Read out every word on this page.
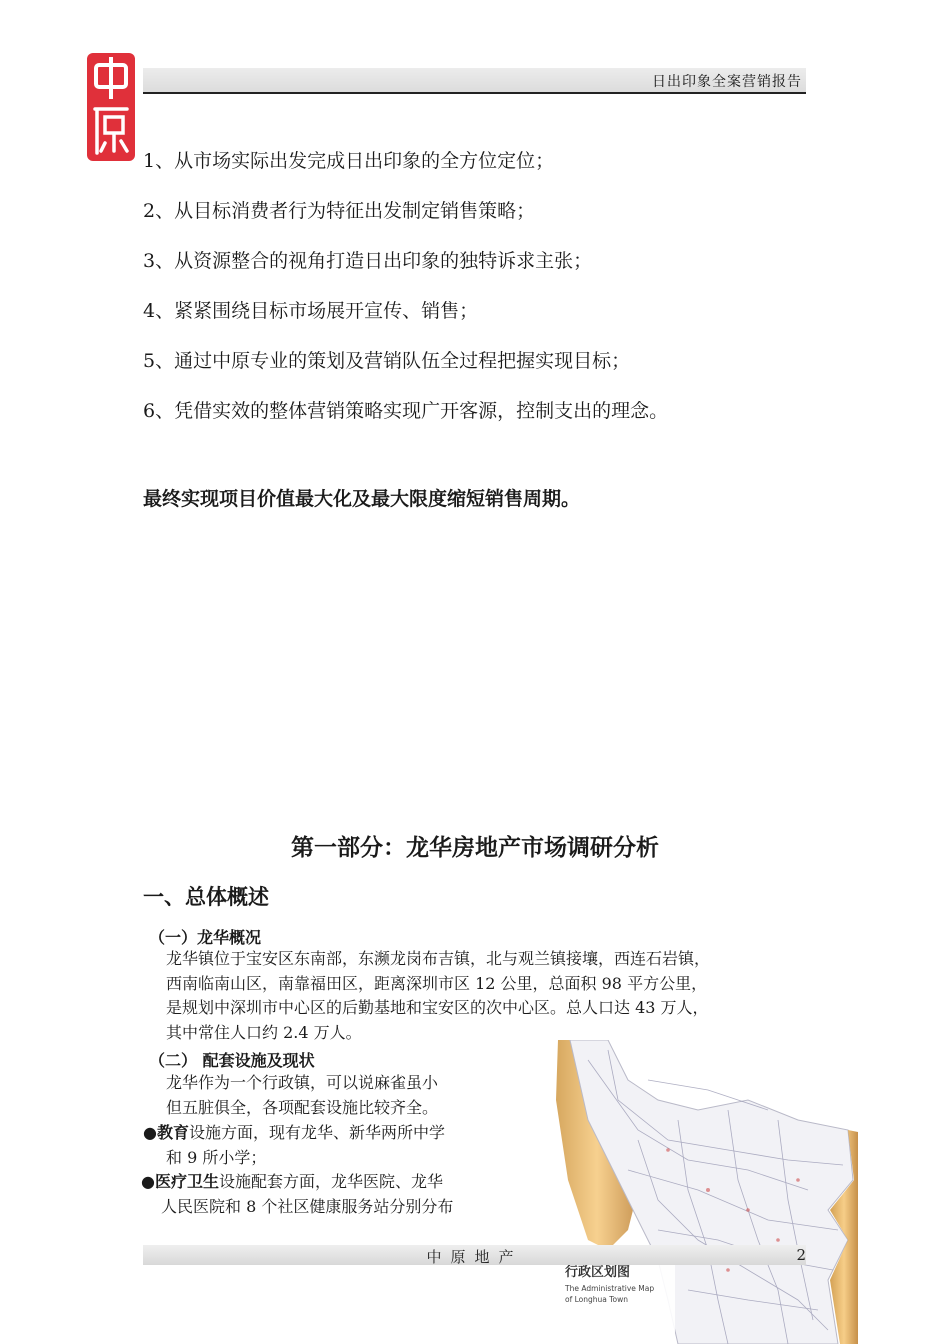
日出印象全案营销报告
1、从市场实际出发完成日出印象的全方位定位；
2、从目标消费者行为特征出发制定销售策略；
3、从资源整合的视角打造日出印象的独特诉求主张；
4、紧紧围绕目标市场展开宣传、销售；
5、通过中原专业的策划及营销队伍全过程把握实现目标；
6、凭借实效的整体营销策略实现广开客源，控制支出的理念。
最终实现项目价值最大化及最大限度缩短销售周期。
第一部分：龙华房地产市场调研分析
一、总体概述
（一）龙华概况
龙华镇位于宝安区东南部，东濒龙岗布吉镇，北与观兰镇接壤，西连石岩镇，
西南临南山区，南靠福田区，距离深圳市区 12 公里，总面积 98 平方公里，
是规划中深圳市中心区的后勤基地和宝安区的次中心区。总人口达 43 万人，
其中常住人口约 2.4 万人。
（二） 配套设施及现状
龙华作为一个行政镇，可以说麻雀虽小
但五脏俱全，各项配套设施比较齐全。
●教育设施方面，现有龙华、新华两所中学
和 9 所小学；
●医疗卫生设施配套方面，龙华医院、龙华
人民医院和 8 个社区健康服务站分别分布
行政区划图
The Administrative Map
of Longhua Town
中原地产	2
